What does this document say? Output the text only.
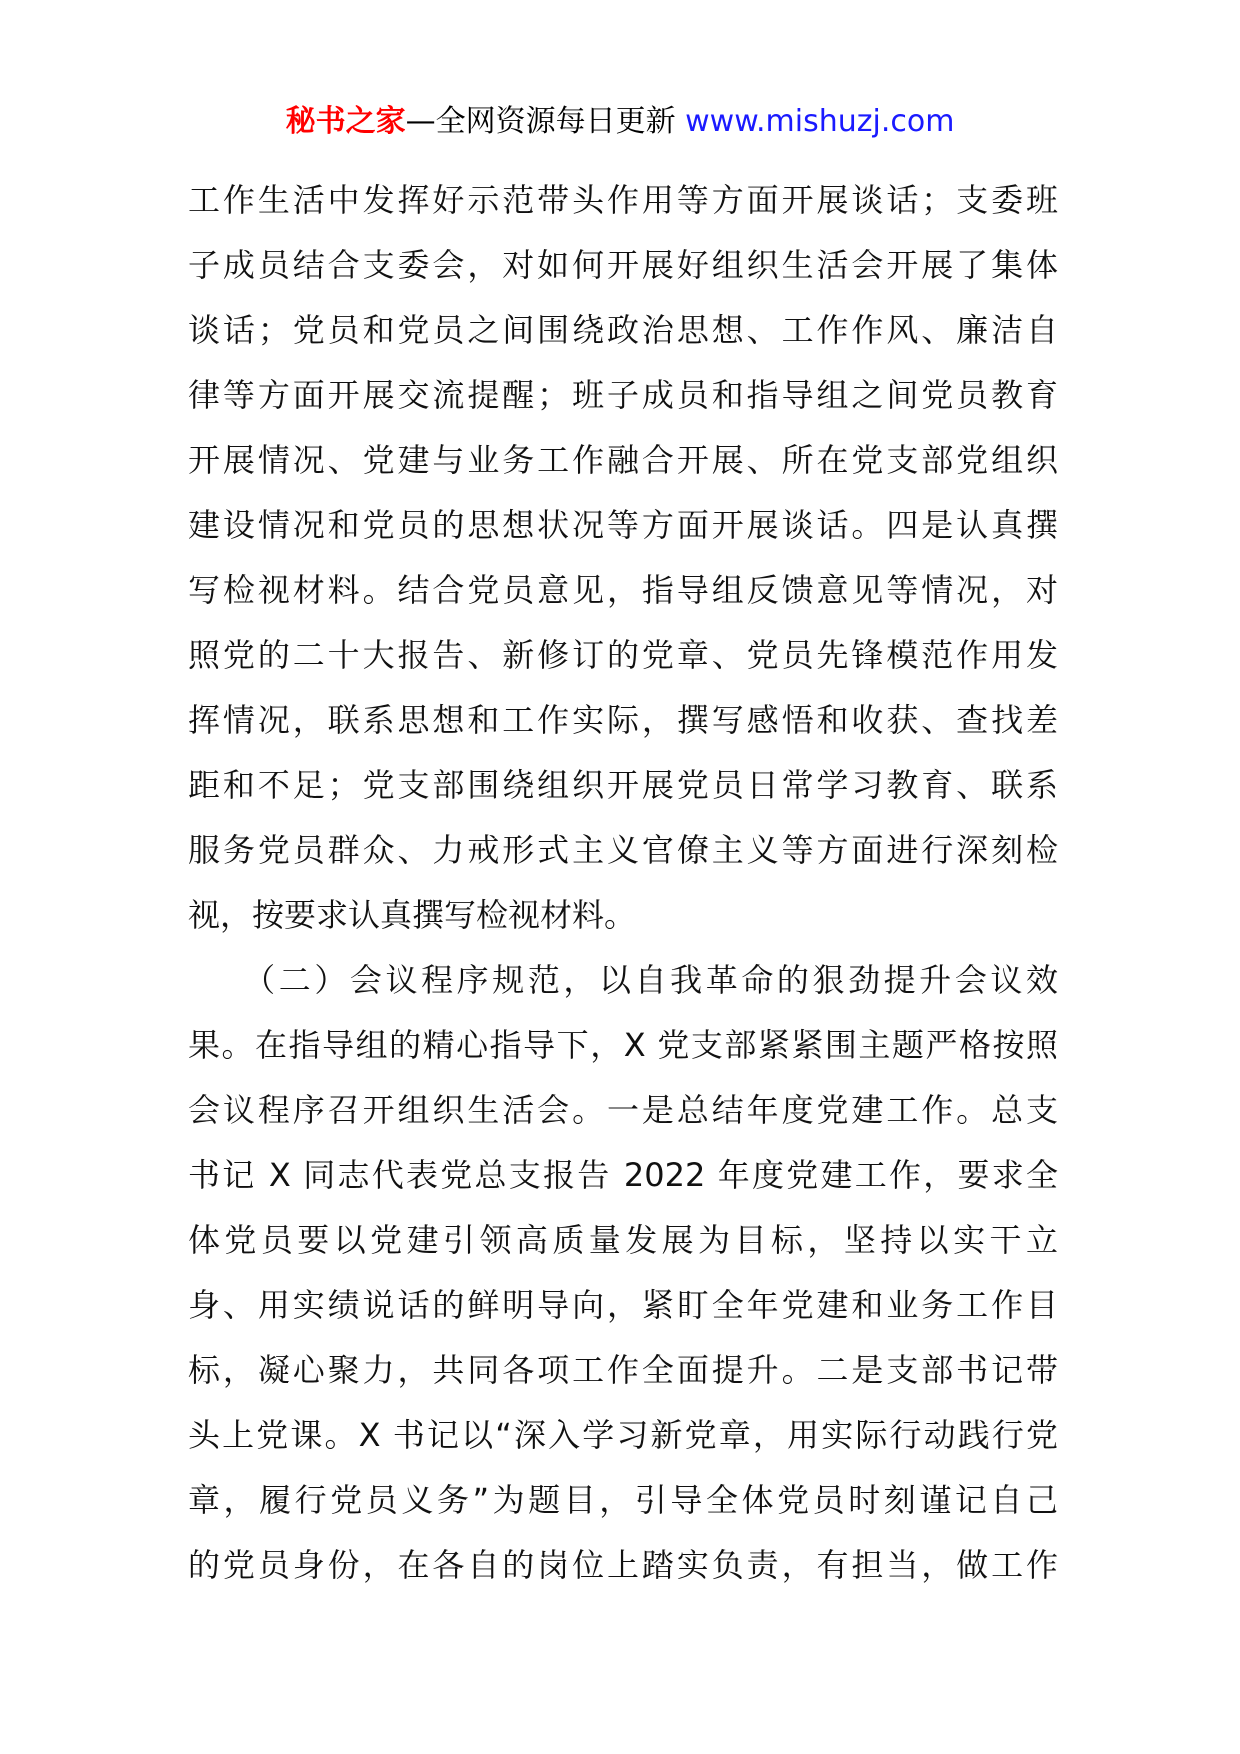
秘书之家—全网资源每日更新 www.mishuzj.com
工作生活中发挥好示范带头作用等方面开展谈话；支委班
子成员结合支委会，对如何开展好组织生活会开展了集体
谈话；党员和党员之间围绕政治思想、工作作风、廉洁自
律等方面开展交流提醒；班子成员和指导组之间党员教育
开展情况、党建与业务工作融合开展、所在党支部党组织
建设情况和党员的思想状况等方面开展谈话。四是认真撰
写检视材料。结合党员意见，指导组反馈意见等情况，对
照党的二十大报告、新修订的党章、党员先锋模范作用发
挥情况，联系思想和工作实际，撰写感悟和收获、查找差
距和不足；党支部围绕组织开展党员日常学习教育、联系
服务党员群众、力戒形式主义官僚主义等方面进行深刻检
视，按要求认真撰写检视材料。
　　（二）会议程序规范，以自我革命的狠劲提升会议效
果。在指导组的精心指导下，X 党支部紧紧围主题严格按照
会议程序召开组织生活会。一是总结年度党建工作。总支
书记 X 同志代表党总支报告 2022 年度党建工作，要求全
体党员要以党建引领高质量发展为目标，坚持以实干立
身、用实绩说话的鲜明导向，紧盯全年党建和业务工作目
标，凝心聚力，共同各项工作全面提升。二是支部书记带
头上党课。X 书记以“深入学习新党章，用实际行动践行党
章，履行党员义务”为题目，引导全体党员时刻谨记自己
的党员身份，在各自的岗位上踏实负责，有担当，做工作
